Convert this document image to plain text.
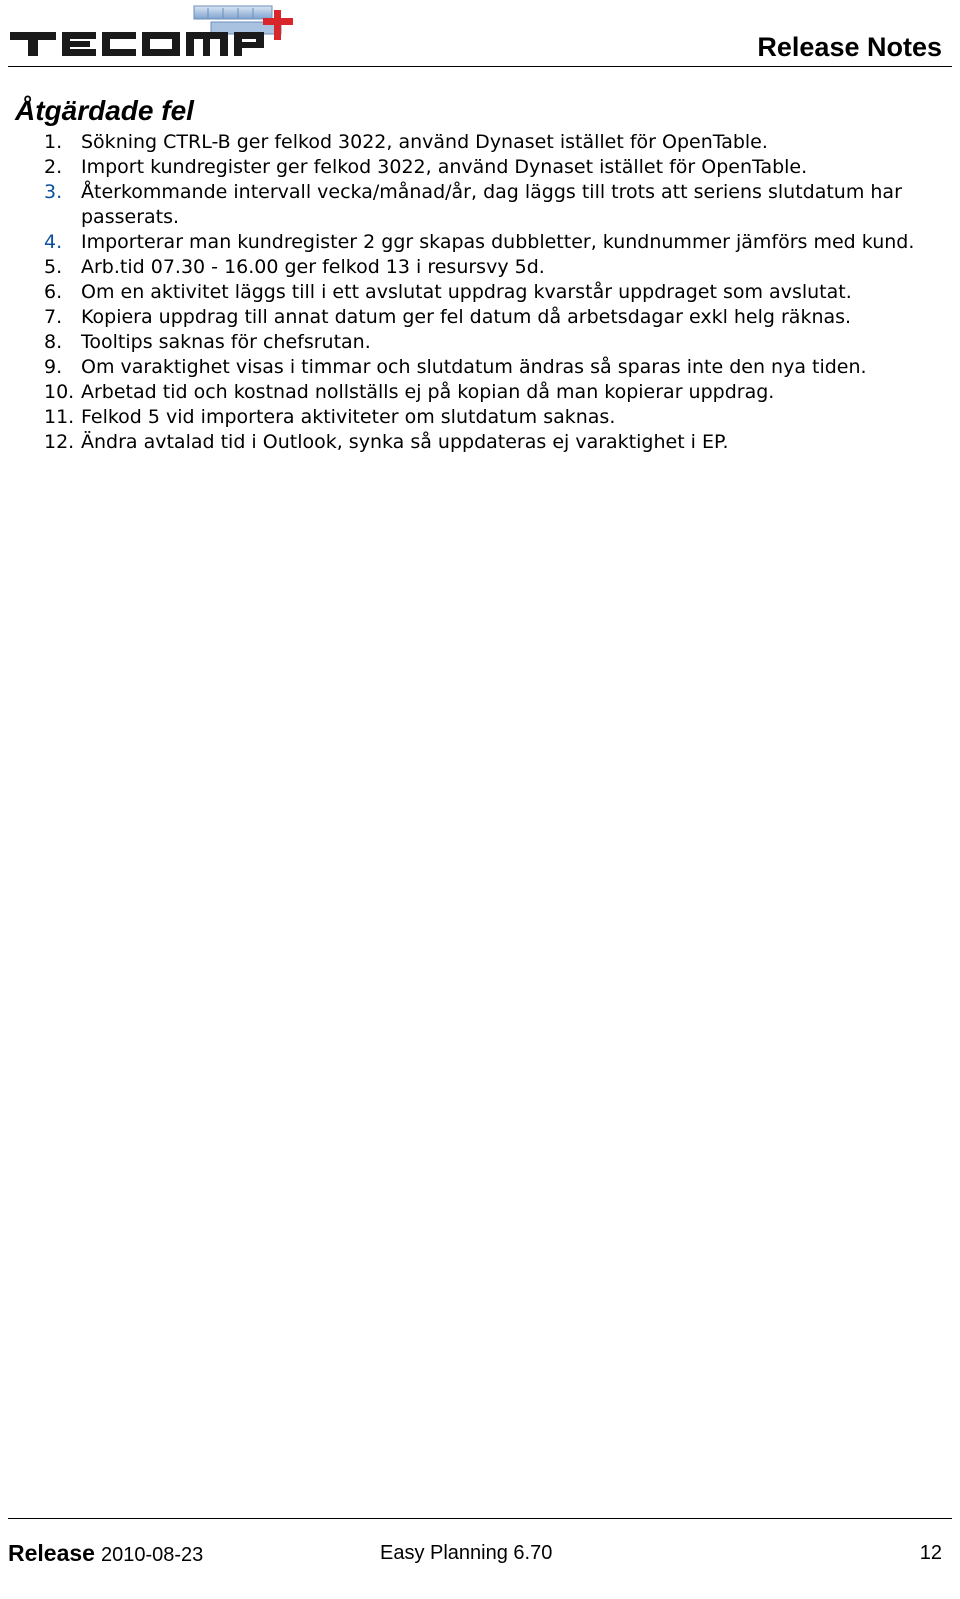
Release Notes
Åtgärdade fel
1. Sökning CTRL-B ger felkod 3022, använd Dynaset istället för OpenTable.
2. Import kundregister ger felkod 3022, använd Dynaset istället för OpenTable.
3. Återkommande intervall vecka/månad/år, dag läggs till trots att seriens slutdatum har passerats.
4. Importerar man kundregister 2 ggr skapas dubbletter, kundnummer jämförs med kund.
5. Arb.tid 07.30 - 16.00 ger felkod 13 i resursvy 5d.
6. Om en aktivitet läggs till i ett avslutat uppdrag kvarstår uppdraget som avslutat.
7. Kopiera uppdrag till annat datum ger fel datum då arbetsdagar exkl helg räknas.
8. Tooltips saknas för chefsrutan.
9. Om varaktighet visas i timmar och slutdatum ändras så sparas inte den nya tiden.
10. Arbetad tid och kostnad nollställs ej på kopian då man kopierar uppdrag.
11. Felkod 5 vid importera aktiviteter om slutdatum saknas.
12. Ändra avtalad tid i Outlook, synka så uppdateras ej varaktighet i EP.
Release 2010-08-23	Easy Planning 6.70	12
